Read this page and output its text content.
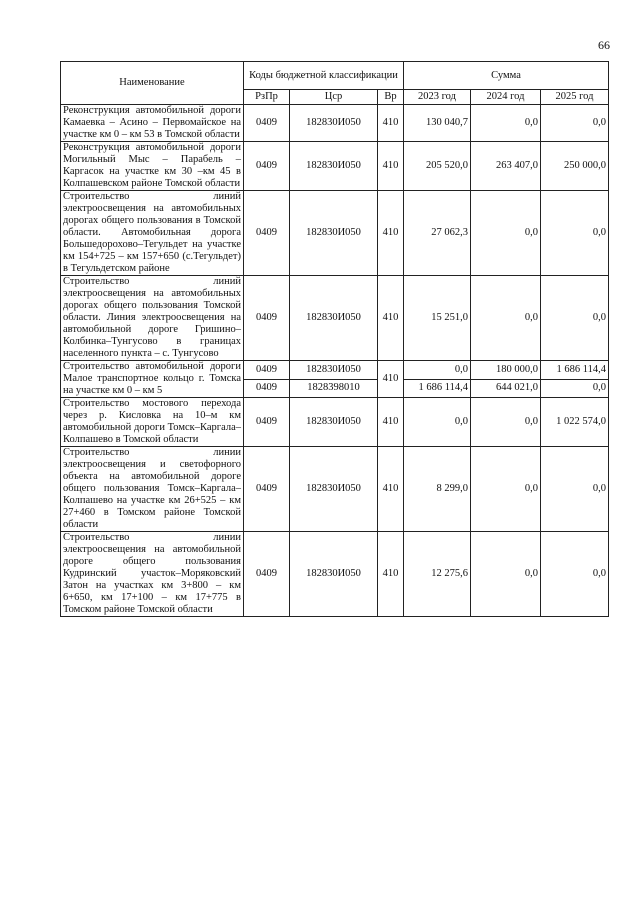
66
Наименование	Коды бюджетной классификации			Сумма		
	РзПр	Цср	Вр	2023 год	2024 год	2025 год
Реконструкция автомобильной дороги Камаевка – Асино – Первомайское на участке км 0 – км 53 в Томской области	0409	182830И050	410	130 040,7	0,0	0,0
Реконструкция автомобильной дороги Могильный Мыс – Парабель – Каргасок на участке км 30 –км 45 в Колпашевском районе Томской области	0409	182830И050	410	205 520,0	263 407,0	250 000,0
Строительство линий электроосвещения на автомобильных дорогах общего пользования в Томской области. Автомобильная дорога Большедорохово–Тегульдет на участке км 154+725 – км 157+650 (с.Тегульдет) в Тегульдетском районе	0409	182830И050	410	27 062,3	0,0	0,0
Строительство линий электроосвещения на автомобильных дорогах общего пользования Томской области. Линия электроосвещения на автомобильной дороге Гришино–Колбинка–Тунгусово в границах населенного пункта – с. Тунгусово	0409	182830И050	410	15 251,0	0,0	0,0
Строительство автомобильной дороги Малое транспортное кольцо г. Томска на участке км 0 – км 5	0409	182830И050	410	0,0	180 000,0	1 686 114,4
	0409	1828398010		1 686 114,4	644 021,0	0,0
Строительство мостового перехода через р. Кисловка на 10–м км автомобильной дороги Томск–Каргала–Колпашево в Томской области	0409	182830И050	410	0,0	0,0	1 022 574,0
Строительство линии электроосвещения и светофорного объекта на автомобильной дороге общего пользования Томск–Каргала–Колпашево на участке км 26+525 – км 27+460 в Томском районе Томской области	0409	182830И050	410	8 299,0	0,0	0,0
Строительство линии электроосвещения на автомобильной дороге общего пользования Кудринский участок–Моряковский Затон на участках км 3+800 – км 6+650, км 17+100 – км 17+775 в Томском районе Томской области	0409	182830И050	410	12 275,6	0,0	0,0
